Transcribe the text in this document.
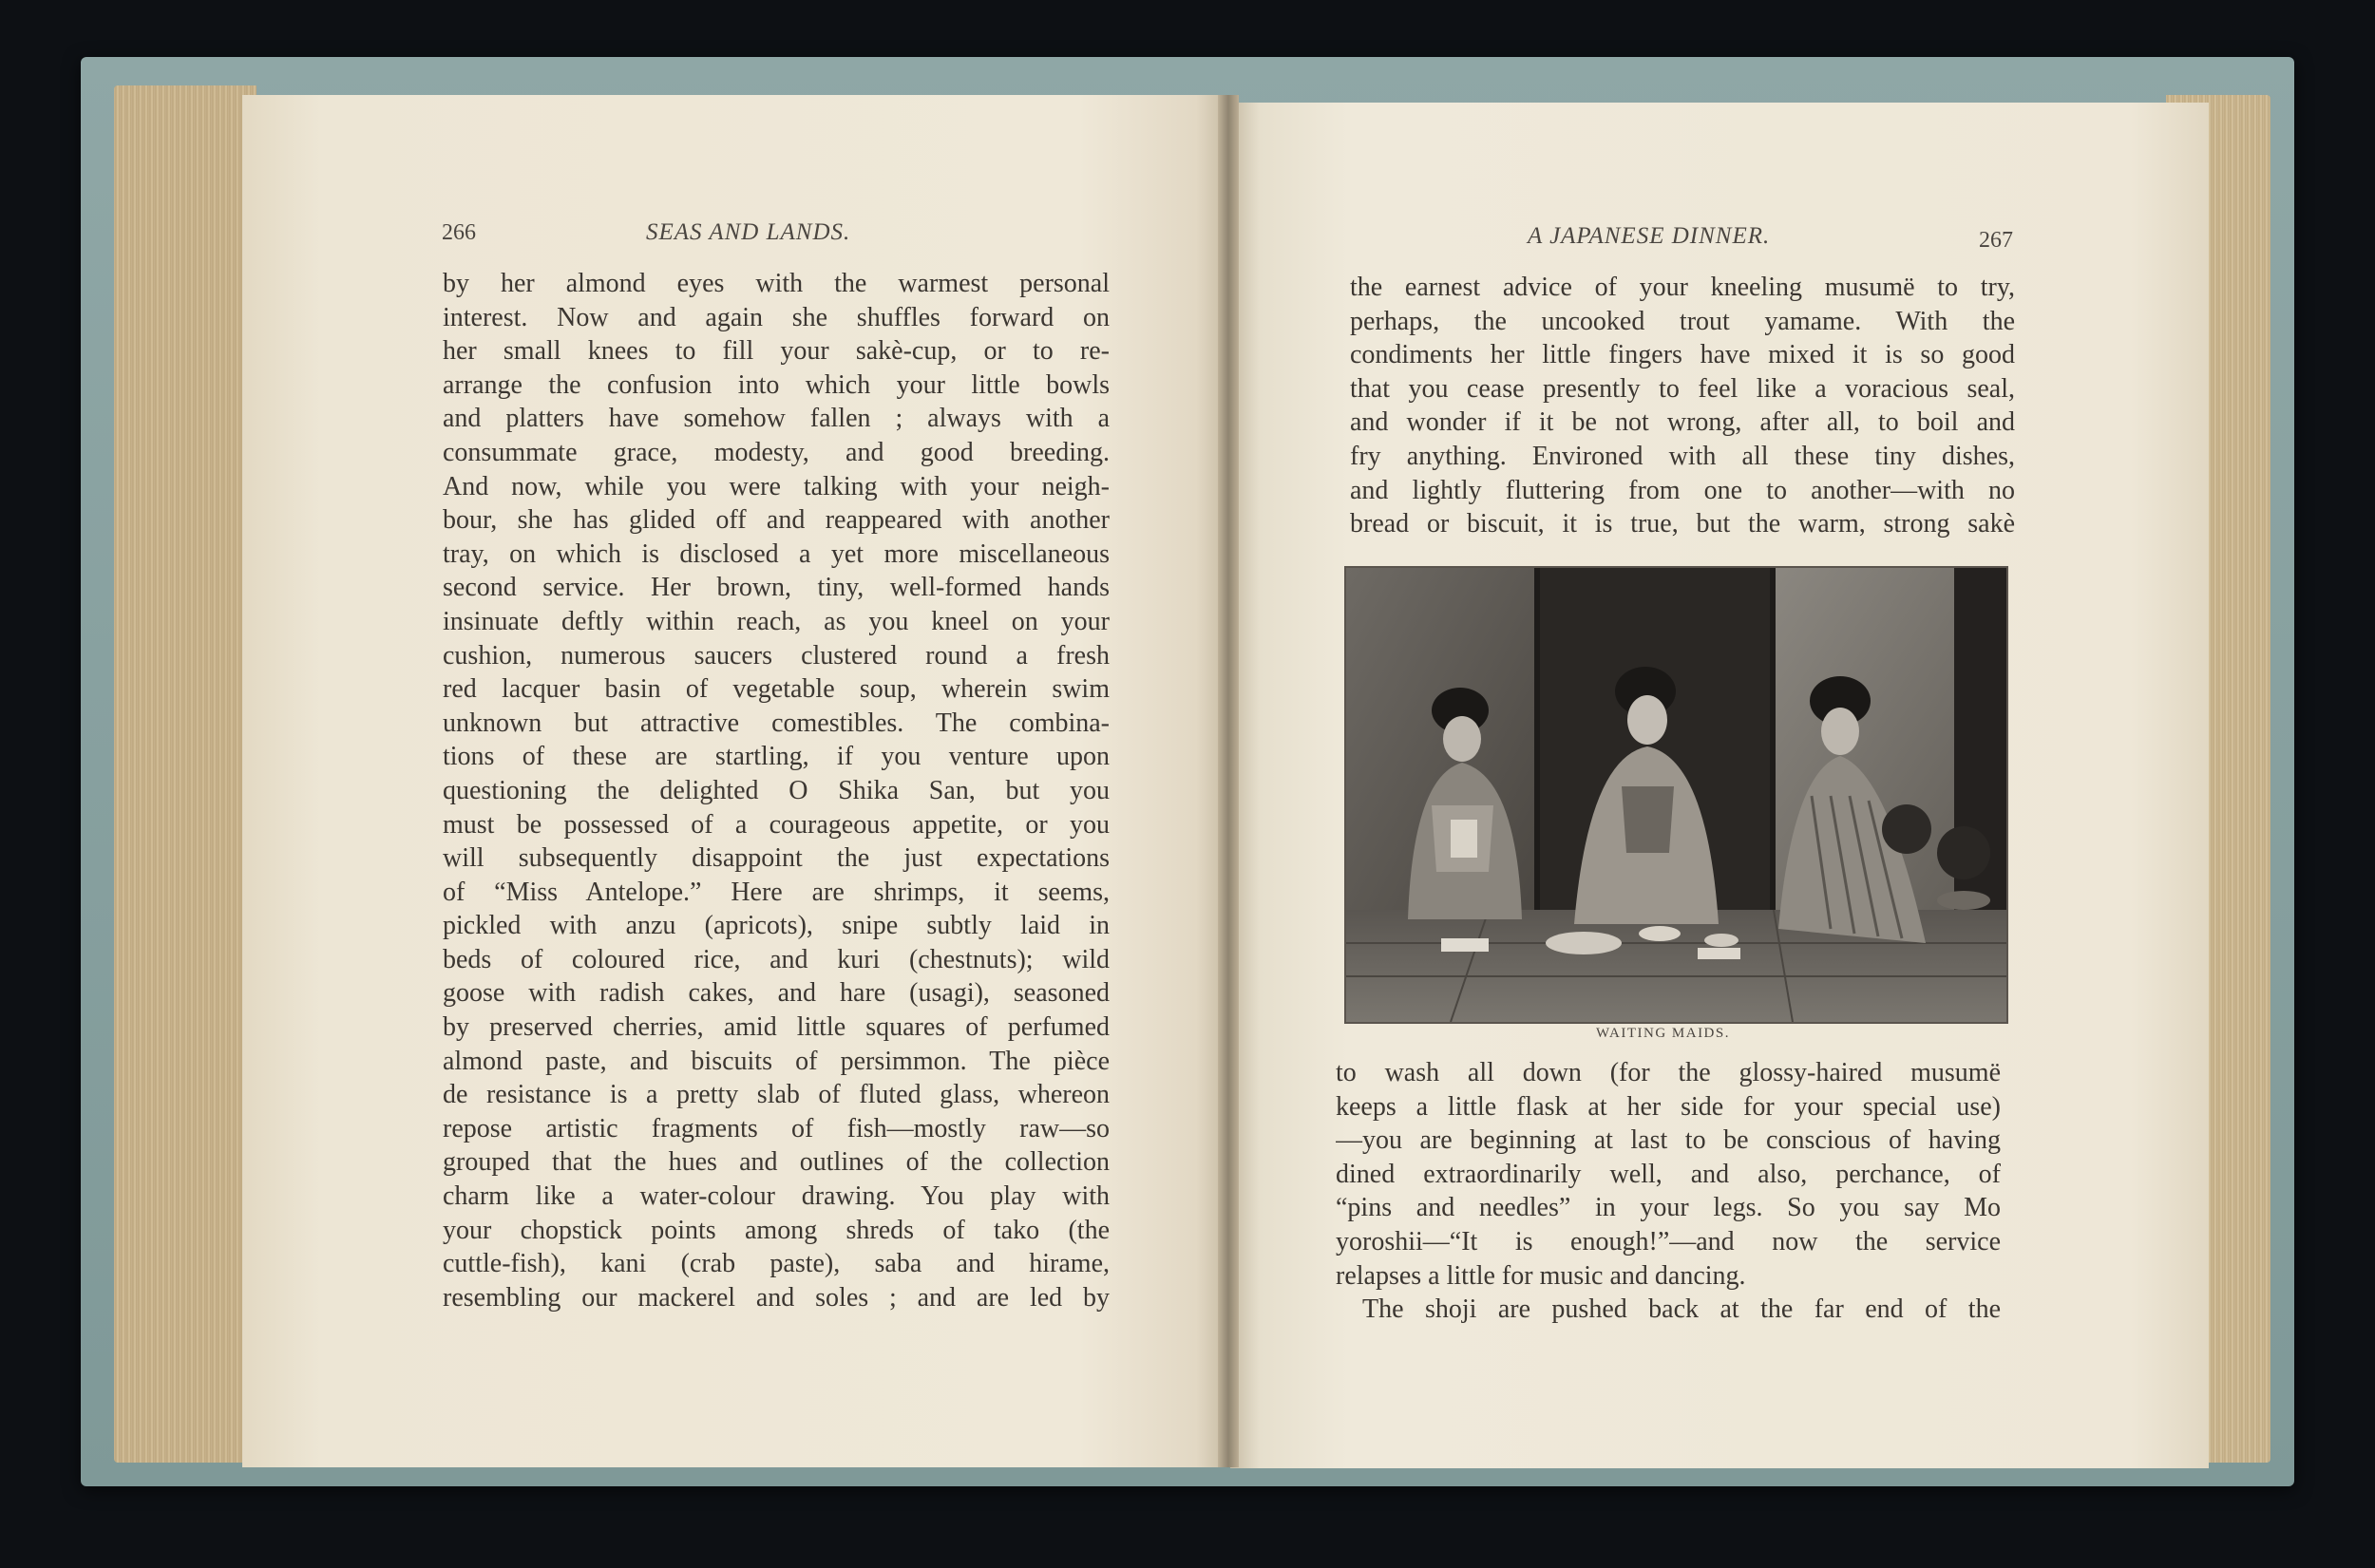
266	SEAS AND LANDS.
by her almond eyes with the warmest personal
interest. Now and again she shuffles forward on
her small knees to fill your sakè-cup, or to re-
arrange the confusion into which your little bowls
and platters have somehow fallen ; always with a
consummate grace, modesty, and good breeding.
And now, while you were talking with your neigh-
bour, she has glided off and reappeared with another
tray, on which is disclosed a yet more miscellaneous
second service. Her brown, tiny, well-formed hands
insinuate deftly within reach, as you kneel on your
cushion, numerous saucers clustered round a fresh
red lacquer basin of vegetable soup, wherein swim
unknown but attractive comestibles. The combina-
tions of these are startling, if you venture upon
questioning the delighted O Shika San, but you
must be possessed of a courageous appetite, or you
will subsequently disappoint the just expectations
of “Miss Antelope.” Here are shrimps, it seems,
pickled with anzu (apricots), snipe subtly laid in
beds of coloured rice, and kuri (chestnuts); wild
goose with radish cakes, and hare (usagi), seasoned
by preserved cherries, amid little squares of perfumed
almond paste, and biscuits of persimmon. The pièce
de resistance is a pretty slab of fluted glass, whereon
repose artistic fragments of fish—mostly raw—so
grouped that the hues and outlines of the collection
charm like a water-colour drawing. You play with
your chopstick points among shreds of tako (the
cuttle-fish), kani (crab paste), saba and hirame,
resembling our mackerel and soles ; and are led by
A JAPANESE DINNER.	267
the earnest advice of your kneeling musumë to try,
perhaps, the uncooked trout yamame. With the
condiments her little fingers have mixed it is so good
that you cease presently to feel like a voracious seal,
and wonder if it be not wrong, after all, to boil and
fry anything. Environed with all these tiny dishes,
and lightly fluttering from one to another—with no
bread or biscuit, it is true, but the warm, strong sakè
WAITING MAIDS.
to wash all down (for the glossy-haired musumë
keeps a little flask at her side for your special use)
—you are beginning at last to be conscious of having
dined extraordinarily well, and also, perchance, of
“pins and needles” in your legs. So you say Mo
yoroshii—“It is enough!”—and now the service
relapses a little for music and dancing.
The shoji are pushed back at the far end of the
